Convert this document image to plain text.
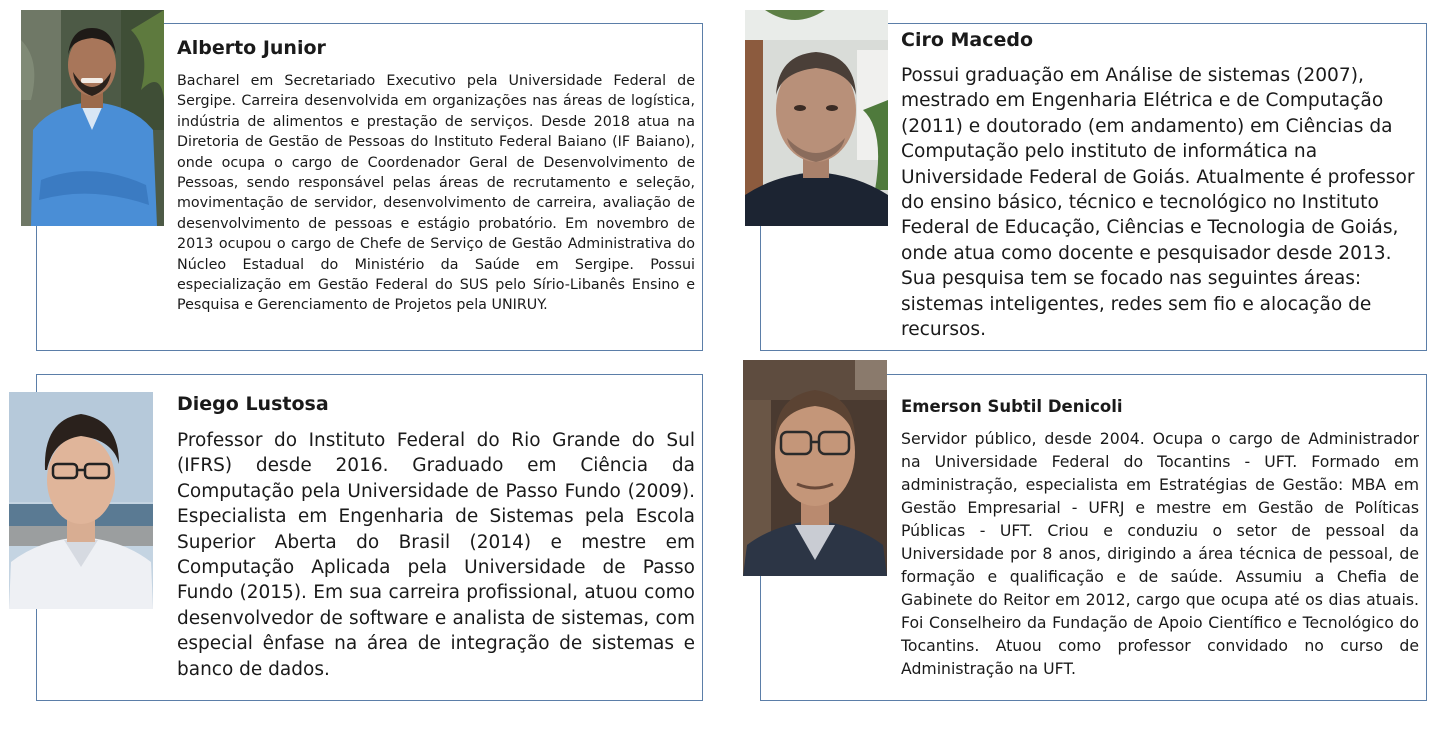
Alberto Junior	Ciro Macedo

Diego Lustosa	Emerson Subtil Denicoli

Bacharel em Secretariado Executivo pela Universidade Federal de Sergipe. Carreira desenvolvida em organizações nas áreas de logística, indústria de alimentos e prestação de serviços. Desde 2018 atua na Diretoria de Gestão de Pessoas do Instituto Federal Baiano (IF Baiano), onde ocupa o cargo de Coordenador Geral de Desenvolvimento de Pessoas, sendo responsável pelas áreas de recrutamento e seleção, movimentação de servidor, desenvolvimento de carreira, avaliação de desenvolvimento de pessoas e estágio probatório. Em novembro de 2013 ocupou o cargo de Chefe de Serviço de Gestão Administrativa do Núcleo Estadual do Ministério da Saúde em Sergipe. Possui especialização em Gestão Federal do SUS pelo Sírio-Libanês Ensino e Pesquisa e Gerenciamento de Projetos pela UNIRUY.

Possui graduação em Análise de sistemas (2007), mestrado em Engenharia Elétrica e de Computação (2011) e doutorado (em andamento) em Ciências da Computação pelo instituto de informática na Universidade Federal de Goiás. Atualmente é professor do ensino básico, técnico e tecnológico no Instituto Federal de Educação, Ciências e Tecnologia de Goiás, onde atua como docente e pesquisador desde 2013. Sua pesquisa tem se focado nas seguintes áreas: sistemas inteligentes, redes sem fio e alocação de recursos.

Professor do Instituto Federal do Rio Grande do Sul (IFRS) desde 2016. Graduado em Ciência da Computação pela Universidade de Passo Fundo (2009). Especialista em Engenharia de Sistemas pela Escola Superior Aberta do Brasil (2014) e mestre em Computação Aplicada pela Universidade de Passo Fundo (2015). Em sua carreira profissional, atuou como desenvolvedor de software e analista de sistemas, com especial ênfase na área de integração de sistemas e banco de dados.

Servidor público, desde 2004. Ocupa o cargo de Administrador na Universidade Federal do Tocantins - UFT. Formado em administração, especialista em Estratégias de Gestão: MBA em Gestão Empresarial - UFRJ e mestre em Gestão de Políticas Públicas - UFT. Criou e conduziu o setor de pessoal da Universidade por 8 anos, dirigindo a área técnica de pessoal, de formação e qualificação e de saúde. Assumiu a Chefia de Gabinete do Reitor em 2012, cargo que ocupa até os dias atuais. Foi Conselheiro da Fundação de Apoio Científico e Tecnológico do Tocantins. Atuou como professor convidado no curso de Administração na UFT.
